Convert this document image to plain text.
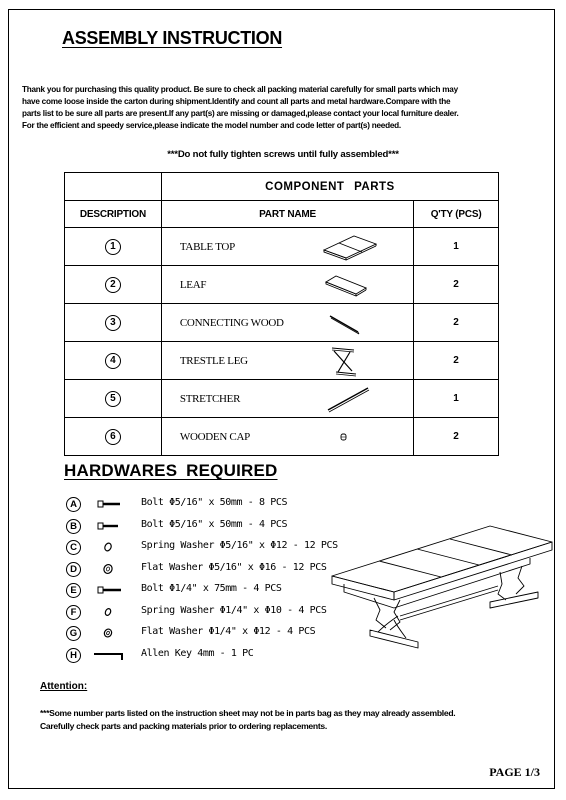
ASSEMBLY INSTRUCTION

Thank you for purchasing this quality product. Be sure to check all packing material carefully for small parts which may

have come loose inside the carton during shipment.Identify and count all parts and metal hardware.Compare with the

parts list to be sure all parts are present.If any part(s) are missing or damaged,please contact your local furniture dealer.

For the efficient and speedy service,please indicate the model number and code letter of part(s) needed.

***Do not fully tighten screws until fully assembled***
	COMPONENT PARTS	
DESCRIPTION	PART NAME	Q'TY (PCS)
1	TABLE TOP	1
2	LEAF	2
3	CONNECTING WOOD	2
4	TRESTLE LEG	2
5	STRETCHER	1
6	WOODEN CAP	2
HARDWARES REQUIRED
A	Bolt Φ5/16" x 50mm - 8 PCS
B	Bolt Φ5/16" x 50mm - 4 PCS
C	Spring Washer Φ5/16" x Φ12 - 12 PCS
D	Flat Washer Φ5/16" x Φ16 - 12 PCS
E	Bolt Φ1/4" x 75mm - 4 PCS
F	Spring Washer Φ1/4" x Φ10 - 4 PCS
G	Flat Washer Φ1/4" x Φ12 - 4 PCS
H	Allen Key 4mm - 1 PC
Attention:

***Some number parts listed on the instruction sheet may not be in parts bag as they may already assembled.

Carefully check parts and packing materials prior to ordering replacements.

PAGE 1/3
